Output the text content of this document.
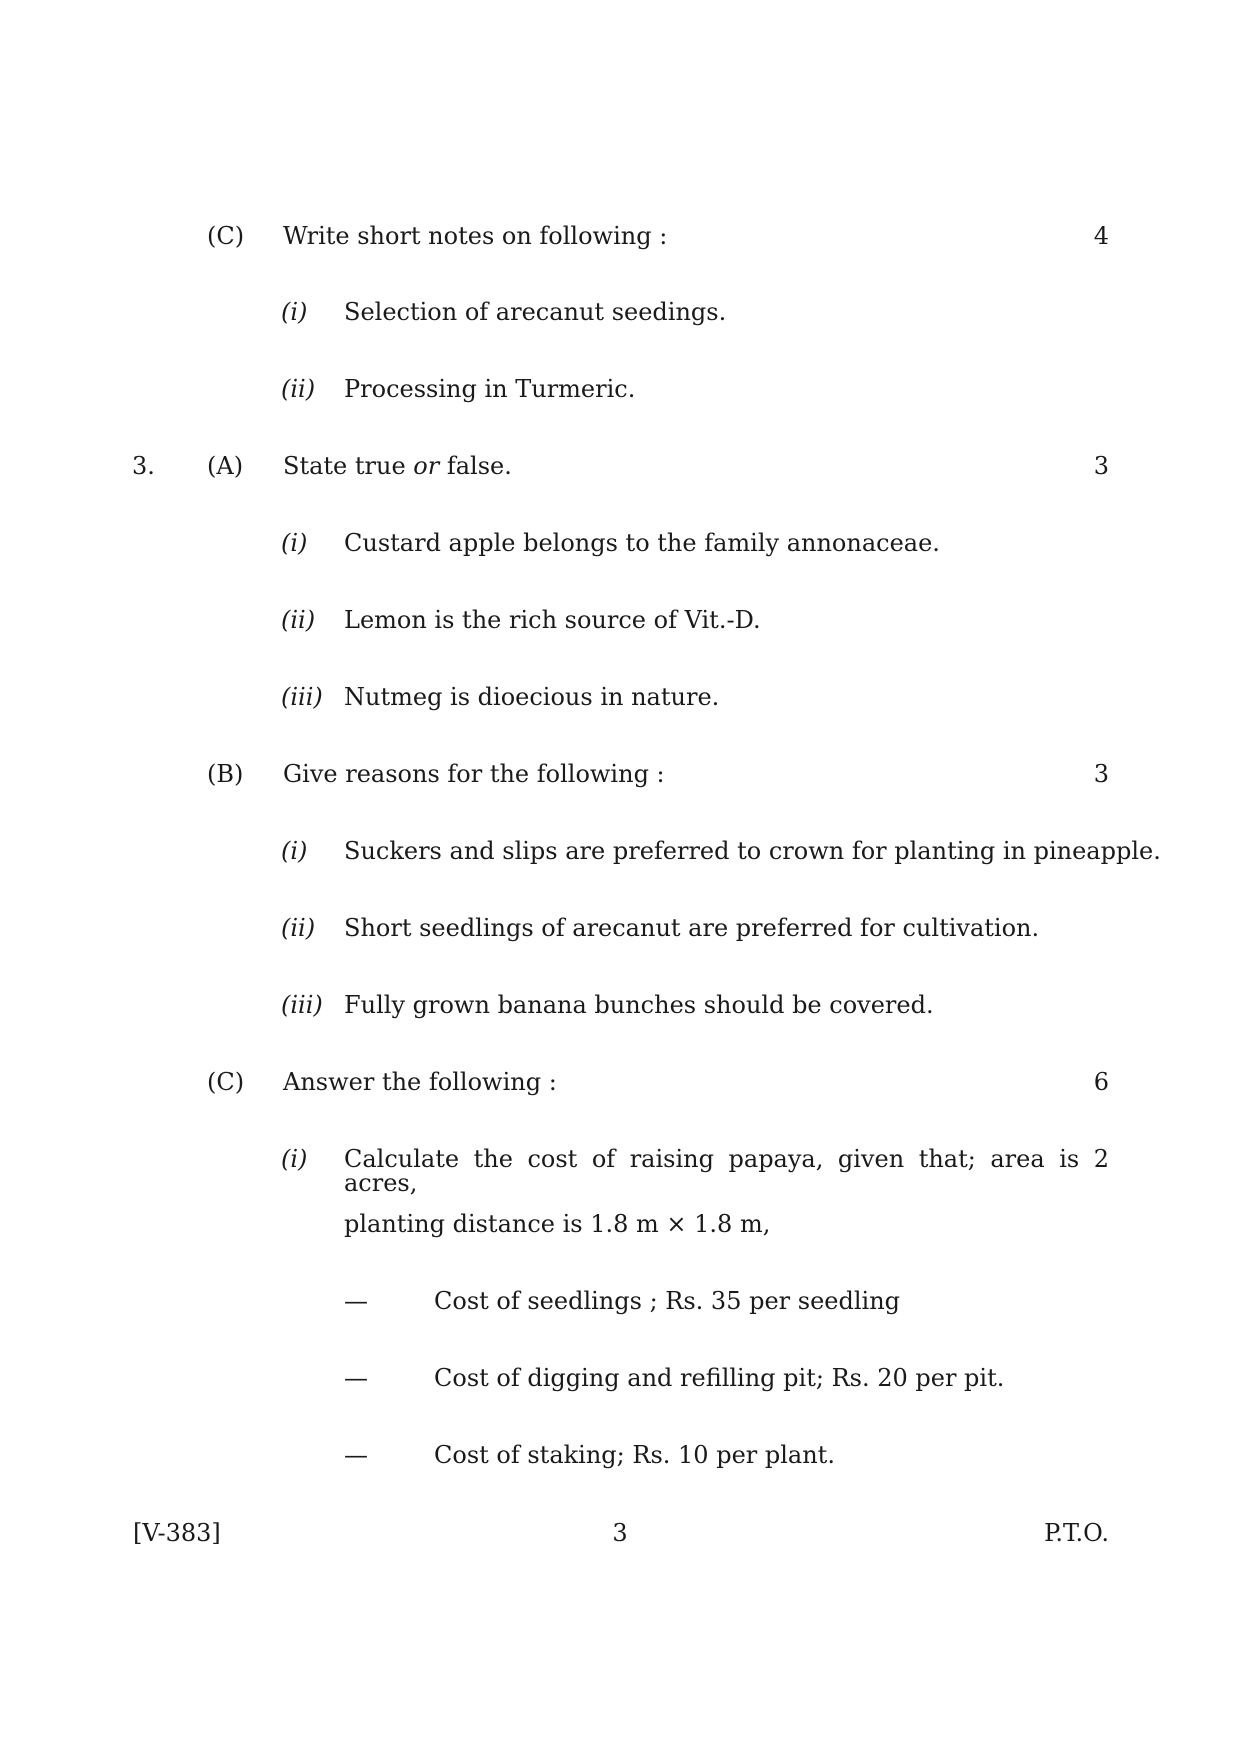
(C) Write short notes on following :	4
(i) Selection of arecanut seedings.
(ii) Processing in Turmeric.
3. (A) State true or false.	3
(i) Custard apple belongs to the family annonaceae.
(ii) Lemon is the rich source of Vit.-D.
(iii) Nutmeg is dioecious in nature.
(B) Give reasons for the following :	3
(i) Suckers and slips are preferred to crown for planting in pineapple.
(ii) Short seedlings of arecanut are preferred for cultivation.
(iii) Fully grown banana bunches should be covered.
(C) Answer the following :	6
(i) Calculate the cost of raising papaya, given that; area is 2 acres,
planting distance is 1.8 m × 1.8 m,
—	Cost of seedlings ; Rs. 35 per seedling
—	Cost of digging and refilling pit; Rs. 20 per pit.
—	Cost of staking; Rs. 10 per plant.
[V-383]	3	P.T.O.
